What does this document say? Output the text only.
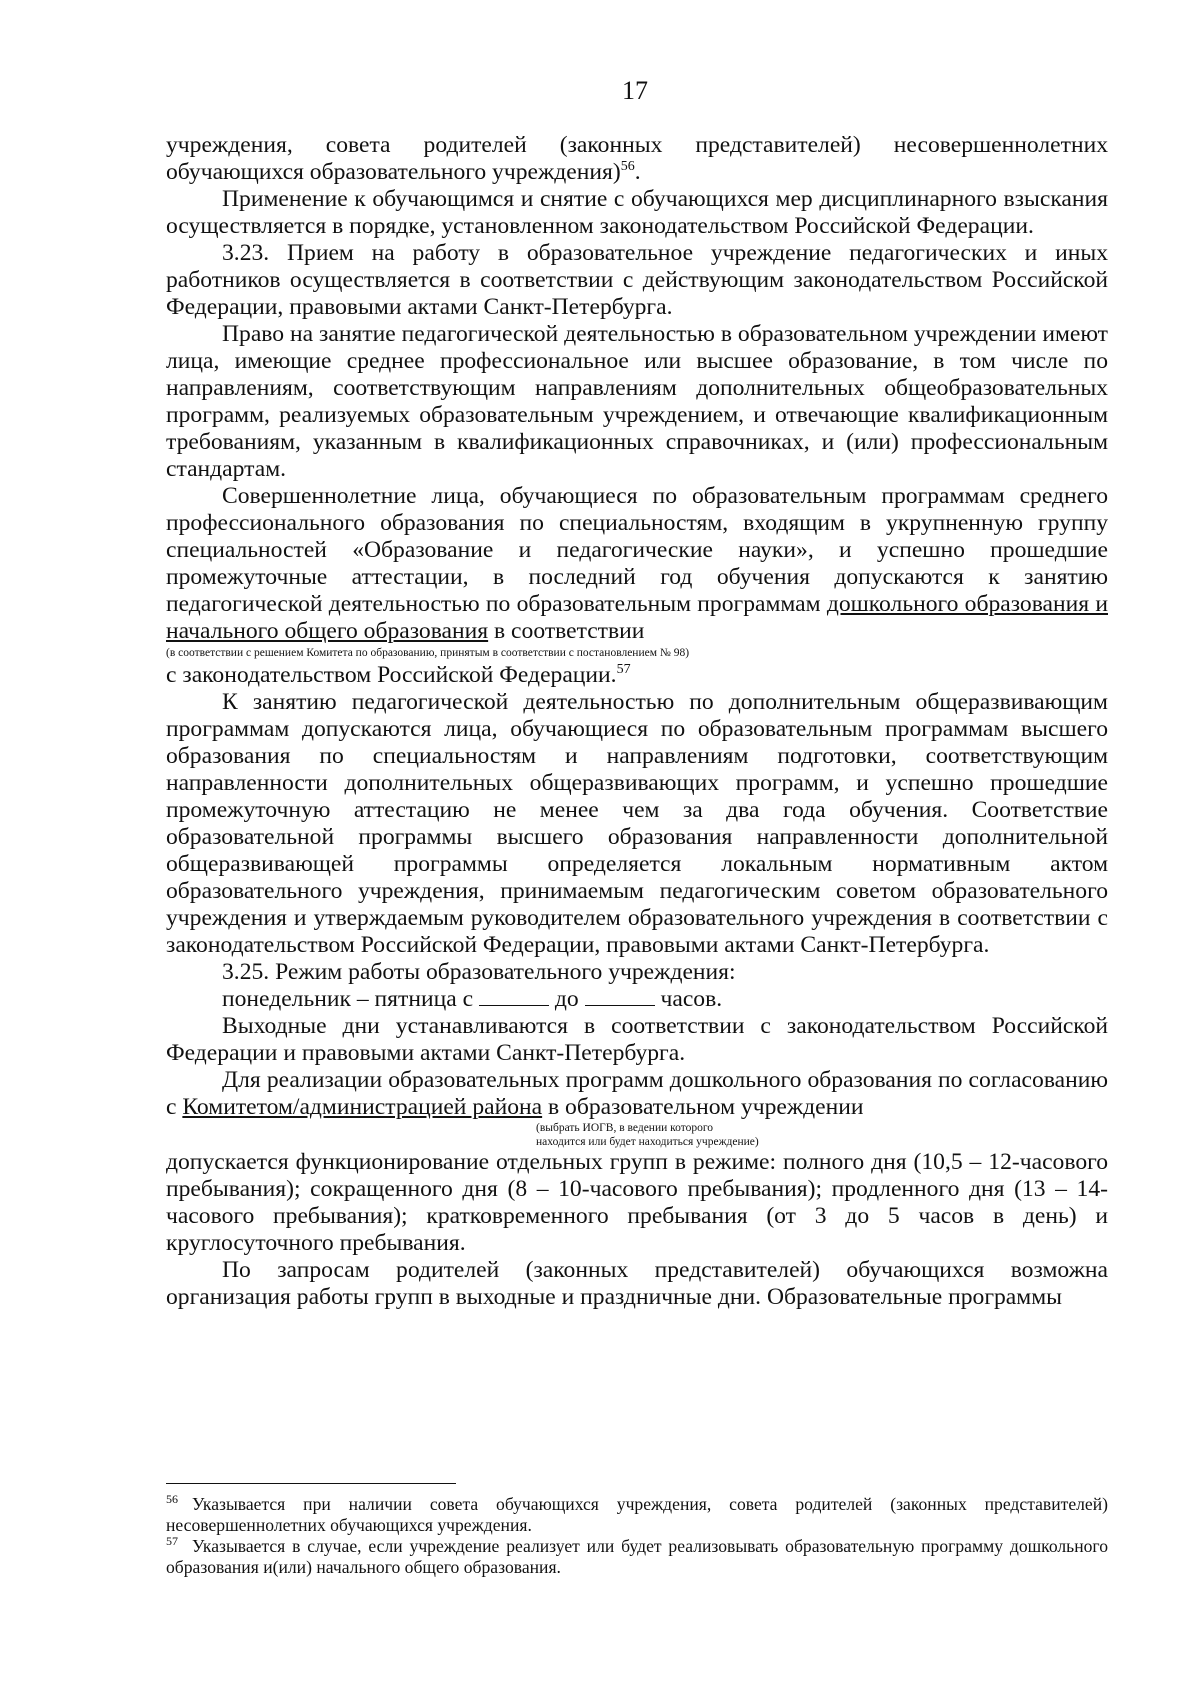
17

учреждения, совета родителей (законных представителей) несовершеннолетних обучающихся образовательного учреждения)$^{56}$.

Применение к обучающимся и снятие с обучающихся мер дисциплинарного взыскания осуществляется в порядке, установленном законодательством Российской Федерации.

3.23. Прием на работу в образовательное учреждение педагогических и иных работников осуществляется в соответствии с действующим законодательством Российской Федерации, правовыми актами Санкт-Петербурга.

Право на занятие педагогической деятельностью в образовательном учреждении имеют лица, имеющие среднее профессиональное или высшее образование, в том числе по направлениям, соответствующим направлениям дополнительных общеобразовательных программ, реализуемых образовательным учреждением, и отвечающие квалификационным требованиям, указанным в квалификационных справочниках, и (или) профессиональным стандартам.

Совершеннолетние лица, обучающиеся по образовательным программам среднего профессионального образования по специальностям, входящим в укрупненную группу специальностей «Образование и педагогические науки», и успешно прошедшие промежуточные аттестации, в последний год обучения допускаются к занятию педагогической деятельностью по образовательным программам дошкольного образования и начального общего образования в соответствии

(в соответствии с решением Комитета по образованию, принятым в соответствии с постановлением № 98)

с законодательством Российской Федерации.$^{57}$

К занятию педагогической деятельностью по дополнительным общеразвивающим программам допускаются лица, обучающиеся по образовательным программам высшего образования по специальностям и направлениям подготовки, соответствующим направленности дополнительных общеразвивающих программ, и успешно прошедшие промежуточную аттестацию не менее чем за два года обучения. Соответствие образовательной программы высшего образования направленности дополнительной общеразвивающей программы определяется локальным нормативным актом образовательного учреждения, принимаемым педагогическим советом образовательного учреждения и утверждаемым руководителем образовательного учреждения в соответствии с законодательством Российской Федерации, правовыми актами Санкт-Петербурга.

3.25. Режим работы образовательного учреждения:

понедельник – пятница с	до	часов.

Выходные дни устанавливаются в соответствии с законодательством Российской Федерации и правовыми актами Санкт-Петербурга.

Для реализации образовательных программ дошкольного образования по согласованию с Комитетом/администрацией района в образовательном учреждении

(выбрать ИОГВ, в ведении которого
находится или будет находиться учреждение)

допускается функционирование отдельных групп в режиме: полного дня (10,5 – 12-часового пребывания); сокращенного дня (8 – 10-часового пребывания); продленного дня (13 – 14-часового пребывания); кратковременного пребывания (от 3 до 5 часов в день) и круглосуточного пребывания.

По запросам родителей (законных представителей) обучающихся возможна организация работы групп в выходные и праздничные дни. Образовательные программы

56 Указывается при наличии совета обучающихся учреждения, совета родителей (законных представителей) несовершеннолетних обучающихся учреждения.

57 Указывается в случае, если учреждение реализует или будет реализовывать образовательную программу дошкольного образования и(или) начального общего образования.
